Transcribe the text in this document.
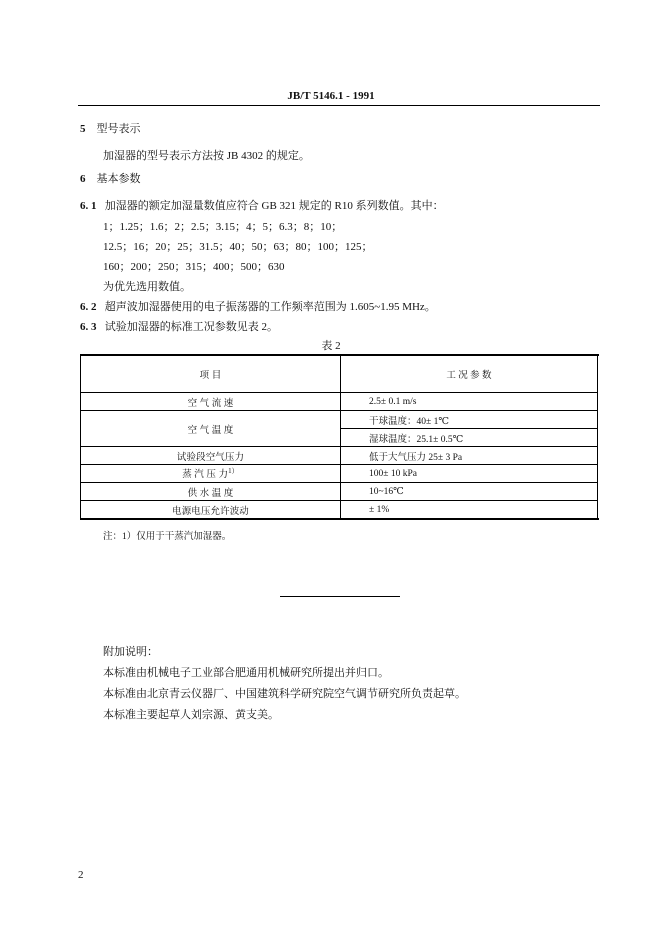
JB/T 5146.1 - 1991
5 型号表示
加湿器的型号表示方法按 JB 4302 的规定。
6 基本参数
6. 1 加湿器的额定加湿量数值应符合 GB 321 规定的 R10 系列数值。其中：
1；1.25；1.6；2；2.5；3.15；4；5；6.3；8；10；
12.5；16；20；25；31.5；40；50；63；80；100；125；
160；200；250；315；400；500；630
为优先选用数值。
6. 2 超声波加湿器使用的电子振荡器的工作频率范围为 1.605~1.95 MHz。
6. 3 试验加湿器的标准工况参数见表 2。
表 2
项 目	工 况 参 数
空 气 流 速	2.5± 0.1 m/s
空 气 温 度	干球温度：40± 1℃
	湿球温度：25.1± 0.5℃
试验段空气压力	低于大气压力 25± 3 Pa
蒸 汽 压 力$^{1)}$	100± 10 kPa
供 水 温 度	10~16℃
电源电压允许波动	± 1%
注：1）仅用于干蒸汽加湿器。
附加说明：
本标准由机械电子工业部合肥通用机械研究所提出并归口。
本标准由北京青云仪器厂、中国建筑科学研究院空气调节研究所负责起草。
本标准主要起草人刘宗源、黄支美。
2
